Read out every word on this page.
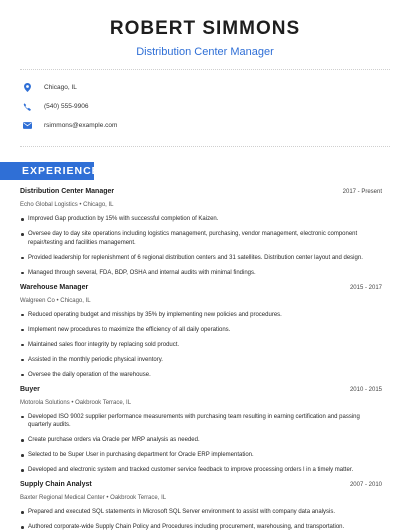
ROBERT SIMMONS
Distribution Center Manager
Chicago, IL
(540) 555-9906
rsimmons@example.com
EXPERIENCE
Distribution Center Manager	2017 - Present
Echo Global Logistics • Chicago, IL
Improved Gap production by 15% with successful completion of Kaizen.
Oversee day to day site operations including logistics management, purchasing, vendor management, electronic component repair/testing and facilities management.
Provided leadership for replenishment of 6 regional distribution centers and 31 satellites. Distribution center layout and design.
Managed through several, FDA, BDP, OSHA and internal audits with minimal findings.
Warehouse Manager	2015 - 2017
Walgreen Co • Chicago, IL
Reduced operating budget and misships by 35% by implementing new policies and procedures.
Implement new procedures to maximize the efficiency of all daily operations.
Maintained sales floor integrity by replacing sold product.
Assisted in the monthly periodic physical inventory.
Oversee the daily operation of the warehouse.
Buyer	2010 - 2015
Motorola Solutions • Oakbrook Terrace, IL
Developed ISO 9002 supplier performance measurements with purchasing team resulting in earning certification and passing quarterly audits.
Create purchase orders via Oracle per MRP analysis as needed.
Selected to be Super User in purchasing department for Oracle ERP implementation.
Developed and electronic system and tracked customer service feedback to improve processing orders l in a timely matter.
Supply Chain Analyst	2007 - 2010
Baxter Regional Medical Center • Oakbrook Terrace, IL
Prepared and executed SQL statements in Microsoft SQL Server environment to assist with company data analysis.
Authored corporate-wide Supply Chain Policy and Procedures including procurement, warehousing, and transportation.
